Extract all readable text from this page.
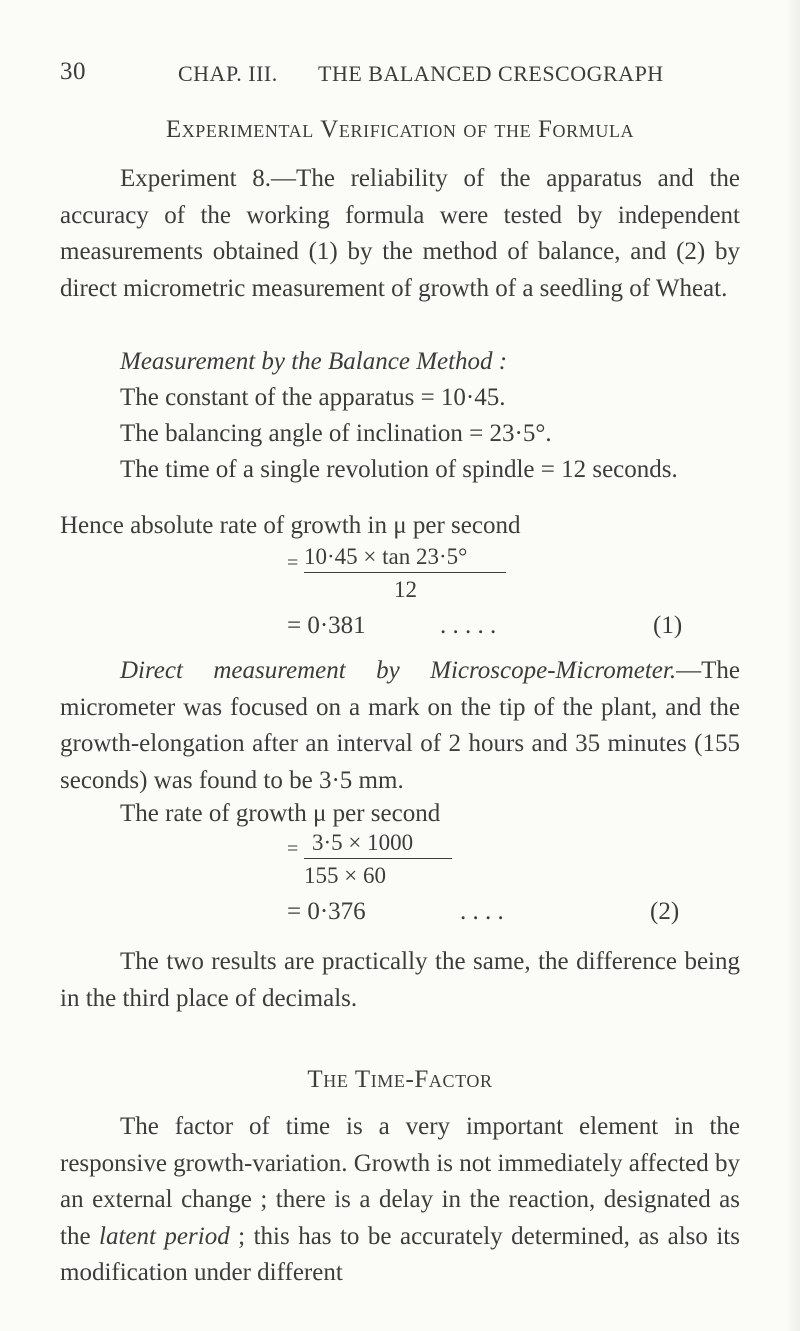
30	CHAP. III. THE BALANCED CRESCOGRAPH
Experimental Verification of the Formula
Experiment 8.—The reliability of the apparatus and the accuracy of the working formula were tested by independent measurements obtained (1) by the method of balance, and (2) by direct micrometric measurement of growth of a seedling of Wheat.
Measurement by the Balance Method :
The constant of the apparatus = 10·45.
The balancing angle of inclination = 23·5°.
The time of a single revolution of spindle = 12 seconds.
Hence absolute rate of growth in μ per second
= 10·45 × tan 23·5°
12
= 0·381	. . . . .	(1)
Direct measurement by Microscope-Micrometer.—The micrometer was focused on a mark on the tip of the plant, and the growth-elongation after an interval of 2 hours and 35 minutes (155 seconds) was found to be 3·5 mm.
The rate of growth μ per second
= 3·5 × 1000
155 × 60
= 0·376	. . . .	(2)
The two results are practically the same, the difference being in the third place of decimals.
The Time-Factor
The factor of time is a very important element in the responsive growth-variation. Growth is not immediately affected by an external change ; there is a delay in the reaction, designated as the latent period ; this has to be accurately determined, as also its modification under different
